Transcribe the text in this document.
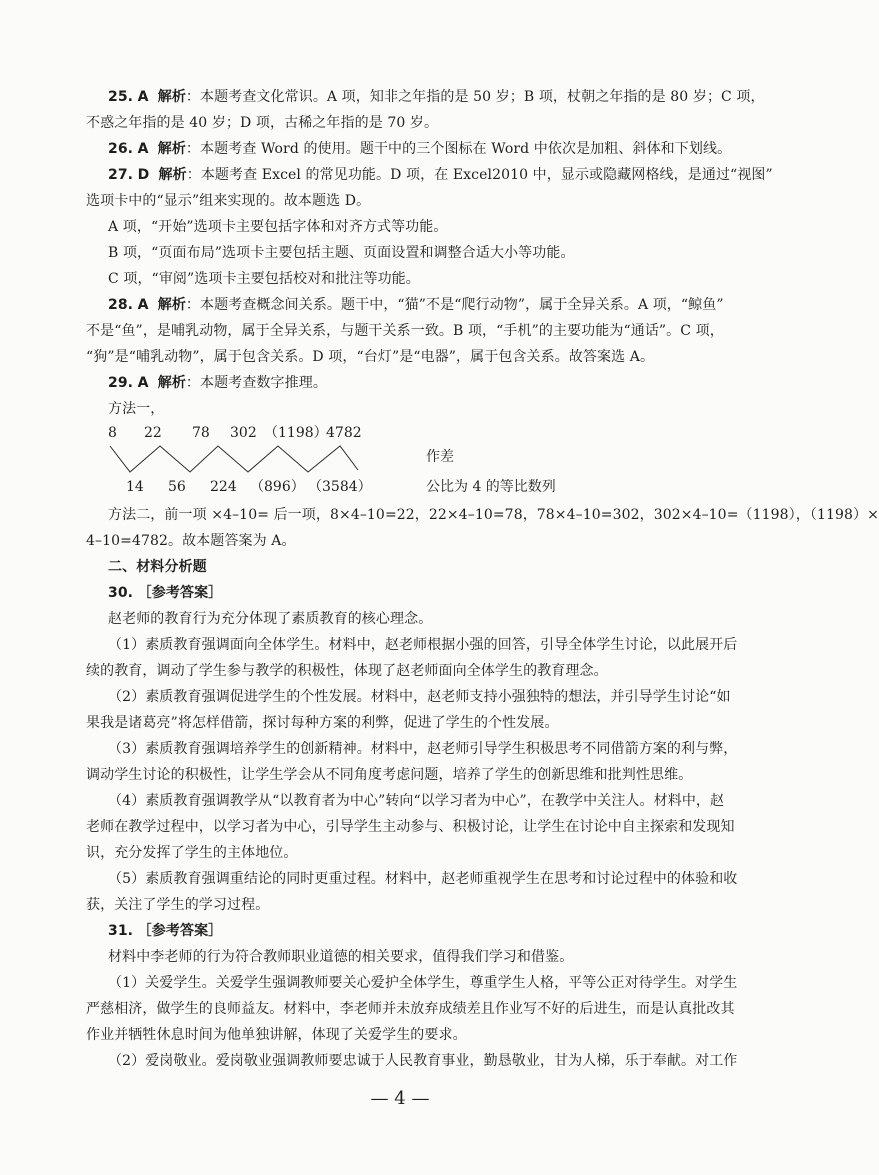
25. A 解析：本题考查文化常识。A 项，知非之年指的是 50 岁；B 项，杖朝之年指的是 80 岁；C 项，

不惑之年指的是 40 岁；D 项，古稀之年指的是 70 岁。

26. A 解析：本题考查 Word 的使用。题干中的三个图标在 Word 中依次是加粗、斜体和下划线。

27. D 解析：本题考查 Excel 的常见功能。D 项，在 Excel2010 中，显示或隐藏网格线，是通过“视图”

选项卡中的“显示”组来实现的。故本题选 D。

A 项，“开始”选项卡主要包括字体和对齐方式等功能。

B 项，“页面布局”选项卡主要包括主题、页面设置和调整合适大小等功能。

C 项，“审阅”选项卡主要包括校对和批注等功能。

28. A 解析：本题考查概念间关系。题干中，“猫”不是“爬行动物”，属于全异关系。A 项，“鲸鱼”

不是“鱼”，是哺乳动物，属于全异关系，与题干关系一致。B 项，“手机”的主要功能为“通话”。C 项，

“狗”是“哺乳动物”，属于包含关系。D 项，“台灯”是“电器”，属于包含关系。故答案选 A。

29. A 解析：本题考查数字推理。

方法一，

8 22 78 302 （1198）4782
14 56 224 （896） （3584）
作差
公比为 4 的等比数列

方法二，前一项 ×4–10= 后一项，8×4–10=22，22×4–10=78，78×4–10=302，302×4–10=（1198），（1198）×

4–10=4782。故本题答案为 A。

二、材料分析题

30. ［参考答案］

赵老师的教育行为充分体现了素质教育的核心理念。

（1）素质教育强调面向全体学生。材料中，赵老师根据小强的回答，引导全体学生讨论，以此展开后

续的教育，调动了学生参与教学的积极性，体现了赵老师面向全体学生的教育理念。

（2）素质教育强调促进学生的个性发展。材料中，赵老师支持小强独特的想法，并引导学生讨论“如

果我是诸葛亮”将怎样借箭，探讨每种方案的利弊，促进了学生的个性发展。

（3）素质教育强调培养学生的创新精神。材料中，赵老师引导学生积极思考不同借箭方案的利与弊，

调动学生讨论的积极性，让学生学会从不同角度考虑问题，培养了学生的创新思维和批判性思维。

（4）素质教育强调教学从“以教育者为中心”转向“以学习者为中心”，在教学中关注人。材料中，赵

老师在教学过程中，以学习者为中心，引导学生主动参与、积极讨论，让学生在讨论中自主探索和发现知

识，充分发挥了学生的主体地位。

（5）素质教育强调重结论的同时更重过程。材料中，赵老师重视学生在思考和讨论过程中的体验和收

获，关注了学生的学习过程。

31. ［参考答案］

材料中李老师的行为符合教师职业道德的相关要求，值得我们学习和借鉴。

（1）关爱学生。关爱学生强调教师要关心爱护全体学生，尊重学生人格，平等公正对待学生。对学生

严慈相济，做学生的良师益友。材料中，李老师并未放弃成绩差且作业写不好的后进生，而是认真批改其

作业并牺牲休息时间为他单独讲解，体现了关爱学生的要求。

（2）爱岗敬业。爱岗敬业强调教师要忠诚于人民教育事业，勤恳敬业，甘为人梯，乐于奉献。对工作

— 4 —
